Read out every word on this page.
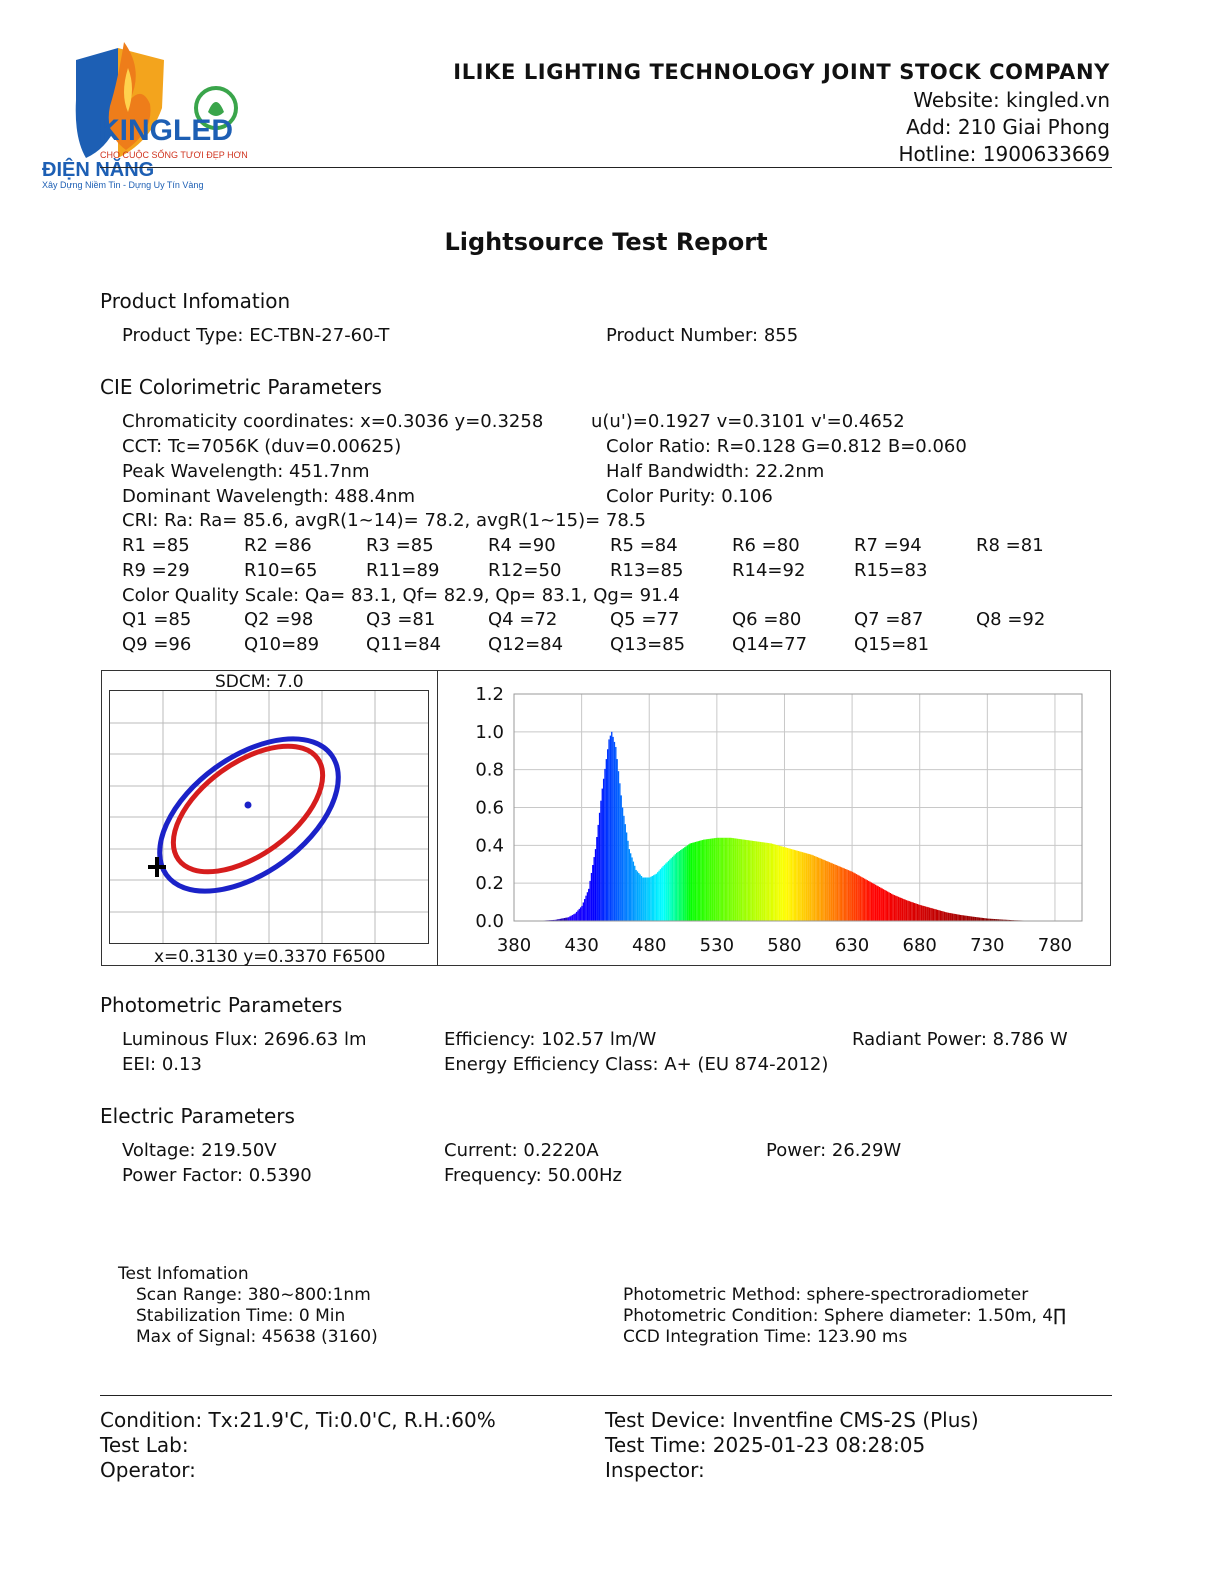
KINGLED
CHO CUỘC SỐNG TƯƠI ĐẸP HƠN
ĐIỆN NĂNG
Xây Dựng Niềm Tin - Dựng Uy Tín Vàng
ILIKE LIGHTING TECHNOLOGY JOINT STOCK COMPANY
Website: kingled.vn
Add: 210 Giai Phong
Hotline: 1900633669
Lightsource Test Report
Product Infomation
Product Type: EC-TBN-27-60-T	Product Number: 855
CIE Colorimetric Parameters
Chromaticity coordinates: x=0.3036 y=0.3258	u(u')=0.1927 v=0.3101 v'=0.4652
CCT: Tc=7056K (duv=0.00625)	Color Ratio: R=0.128 G=0.812 B=0.060
Peak Wavelength: 451.7nm	Half Bandwidth: 22.2nm
Dominant Wavelength: 488.4nm	Color Purity: 0.106
CRI: Ra: Ra= 85.6, avgR(1~14)= 78.2, avgR(1~15)= 78.5
R1 =85	R2 =86	R3 =85	R4 =90	R5 =84	R6 =80	R7 =94	R8 =81
R9 =29	R10=65	R11=89	R12=50	R13=85	R14=92	R15=83
Color Quality Scale: Qa= 83.1, Qf= 82.9, Qp= 83.1, Qg= 91.4
Q1 =85	Q2 =98	Q3 =81	Q4 =72	Q5 =77	Q6 =80	Q7 =87	Q8 =92
Q9 =96	Q10=89	Q11=84	Q12=84	Q13=85	Q14=77	Q15=81
SDCM: 7.0
x=0.3130 y=0.3370 F6500
0.0
0.2
0.4
0.6
0.8
1.0
1.2
380 430 480 530 580 630 680 730 780
Photometric Parameters
Luminous Flux: 2696.63 lm	Efficiency: 102.57 lm/W	Radiant Power: 8.786 W
EEI: 0.13	Energy Efficiency Class: A+ (EU 874-2012)
Electric Parameters
Voltage: 219.50V	Current: 0.2220A	Power: 26.29W
Power Factor: 0.5390	Frequency: 50.00Hz
Test Infomation
Scan Range: 380~800:1nm
Stabilization Time: 0 Min
Max of Signal: 45638 (3160)
Photometric Method: sphere-spectroradiometer
Photometric Condition: Sphere diameter: 1.50m, 4∏
CCD Integration Time: 123.90 ms
Condition: Tx:21.9'C, Ti:0.0'C, R.H.:60%
Test Lab:
Operator:
Test Device: Inventfine CMS-2S (Plus)
Test Time: 2025-01-23 08:28:05
Inspector:
